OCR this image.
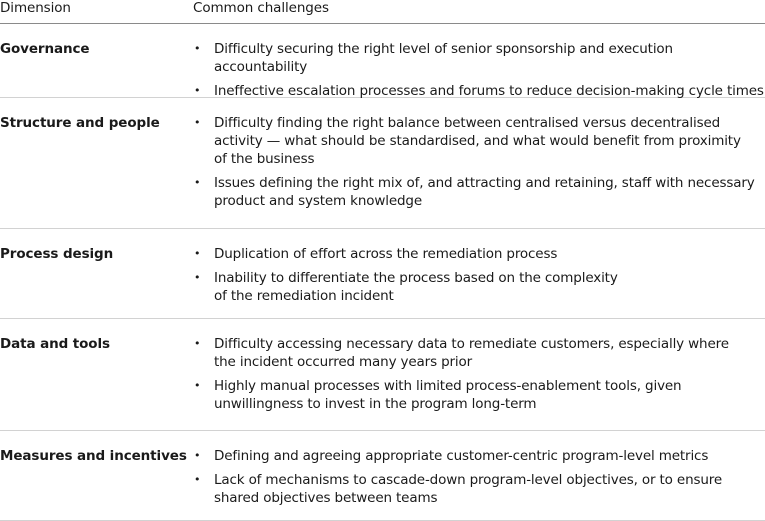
Dimension	Common challenges
Governance	• Difficulty securing the right level of senior sponsorship and execution accountability
• Ineffective escalation processes and forums to reduce decision-making cycle times
Structure and people	• Difficulty finding the right balance between centralised versus decentralised
activity — what should be standardised, and what would benefit from proximity
of the business
• Issues defining the right mix of, and attracting and retaining, staff with necessary
product and system knowledge
Process design	• Duplication of effort across the remediation process
• Inability to differentiate the process based on the complexity
of the remediation incident
Data and tools	• Difficulty accessing necessary data to remediate customers, especially where
the incident occurred many years prior
• Highly manual processes with limited process-enablement tools, given
unwillingness to invest in the program long-term
Measures and incentives • Defining and agreeing appropriate customer-centric program-level metrics
• Lack of mechanisms to cascade-down program-level objectives, or to ensure
shared objectives between teams
